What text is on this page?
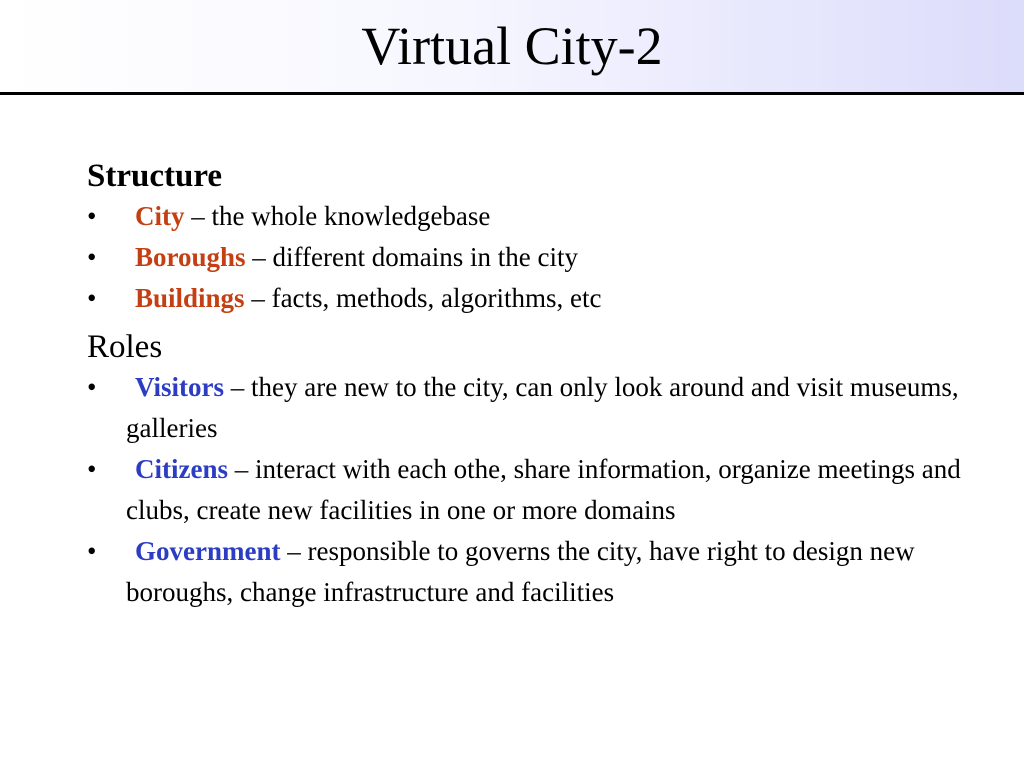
Virtual City-2

Structure

•	City – the whole knowledgebase
•	Boroughs – different domains in the city
•	Buildings – facts, methods, algorithms, etc

Roles

•	Visitors – they are new to the city, can only look around and visit museums, galleries
•	Citizens – interact with each othe, share information, organize meetings and clubs, create new facilities in one or more domains
•	Government – responsible to governs the city, have right to design new boroughs, change infrastructure and facilities
